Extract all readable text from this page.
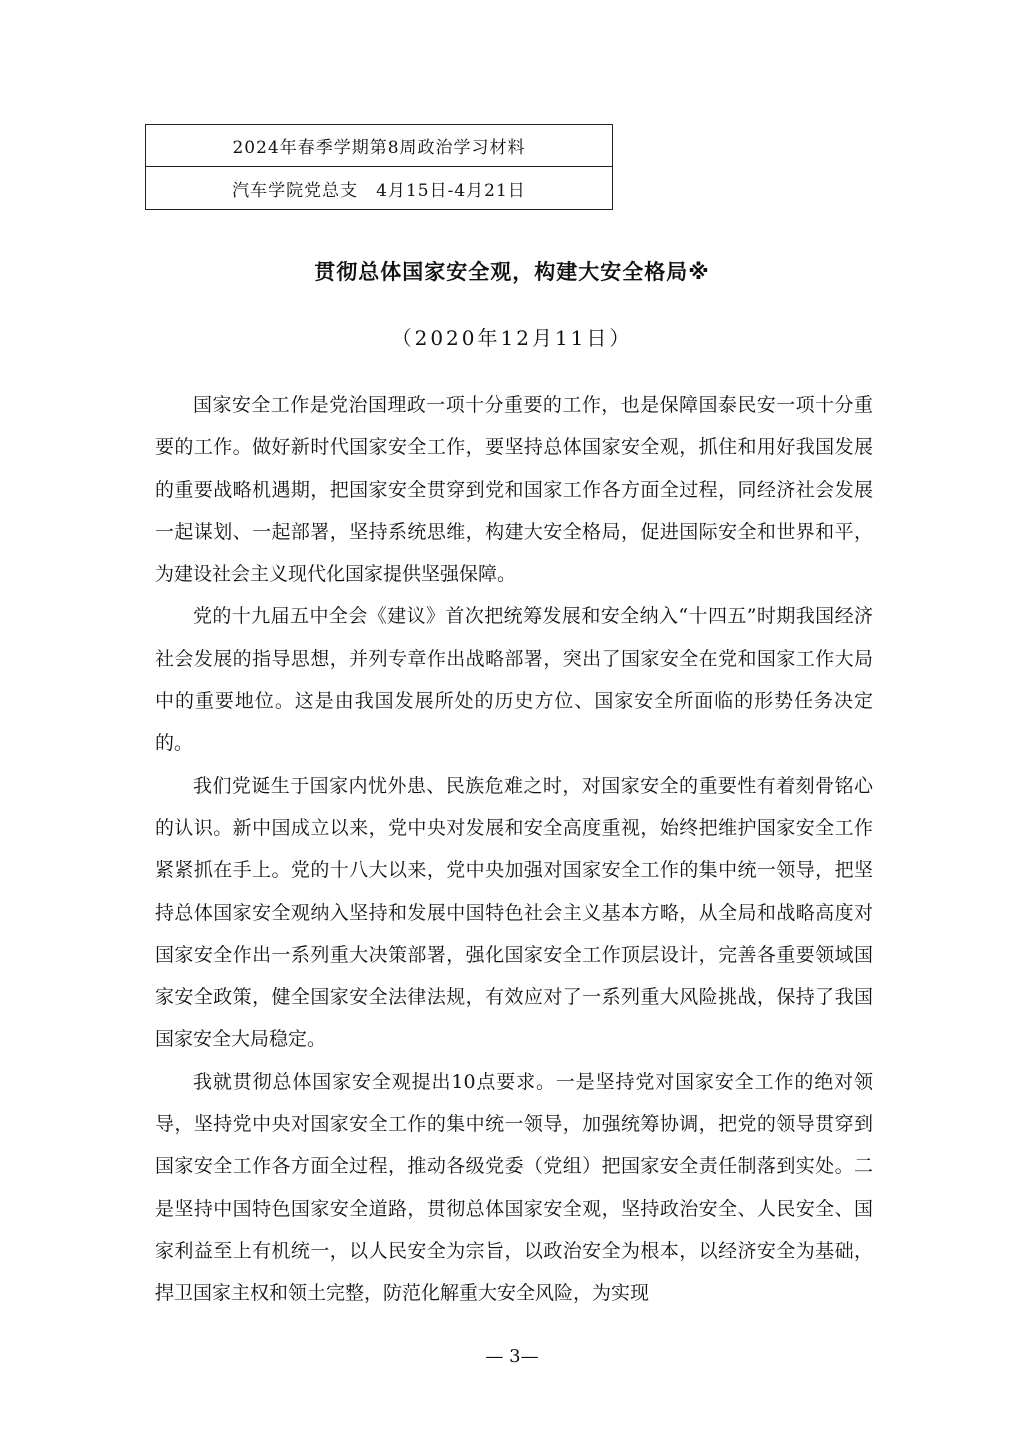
2024年春季学期第8周政治学习材料
汽车学院党总支 4月15日-4月21日
贯彻总体国家安全观，构建大安全格局※
（2020年12月11日）

国家安全工作是党治国理政一项十分重要的工作，也是保障国泰民安一项十分重要的工作。做好新时代国家安全工作，要坚持总体国家安全观，抓住和用好我国发展的重要战略机遇期，把国家安全贯穿到党和国家工作各方面全过程，同经济社会发展一起谋划、一起部署，坚持系统思维，构建大安全格局，促进国际安全和世界和平，为建设社会主义现代化国家提供坚强保障。

党的十九届五中全会《建议》首次把统筹发展和安全纳入“十四五”时期我国经济社会发展的指导思想，并列专章作出战略部署，突出了国家安全在党和国家工作大局中的重要地位。这是由我国发展所处的历史方位、国家安全所面临的形势任务决定的。

我们党诞生于国家内忧外患、民族危难之时，对国家安全的重要性有着刻骨铭心的认识。新中国成立以来，党中央对发展和安全高度重视，始终把维护国家安全工作紧紧抓在手上。党的十八大以来，党中央加强对国家安全工作的集中统一领导，把坚持总体国家安全观纳入坚持和发展中国特色社会主义基本方略，从全局和战略高度对国家安全作出一系列重大决策部署，强化国家安全工作顶层设计，完善各重要领域国家安全政策，健全国家安全法律法规，有效应对了一系列重大风险挑战，保持了我国国家安全大局稳定。

我就贯彻总体国家安全观提出10点要求。一是坚持党对国家安全工作的绝对领导，坚持党中央对国家安全工作的集中统一领导，加强统筹协调，把党的领导贯穿到国家安全工作各方面全过程，推动各级党委（党组）把国家安全责任制落到实处。二是坚持中国特色国家安全道路，贯彻总体国家安全观，坚持政治安全、人民安全、国家利益至上有机统一，以人民安全为宗旨，以政治安全为根本，以经济安全为基础，捍卫国家主权和领土完整，防范化解重大安全风险，为实现

— 3—
